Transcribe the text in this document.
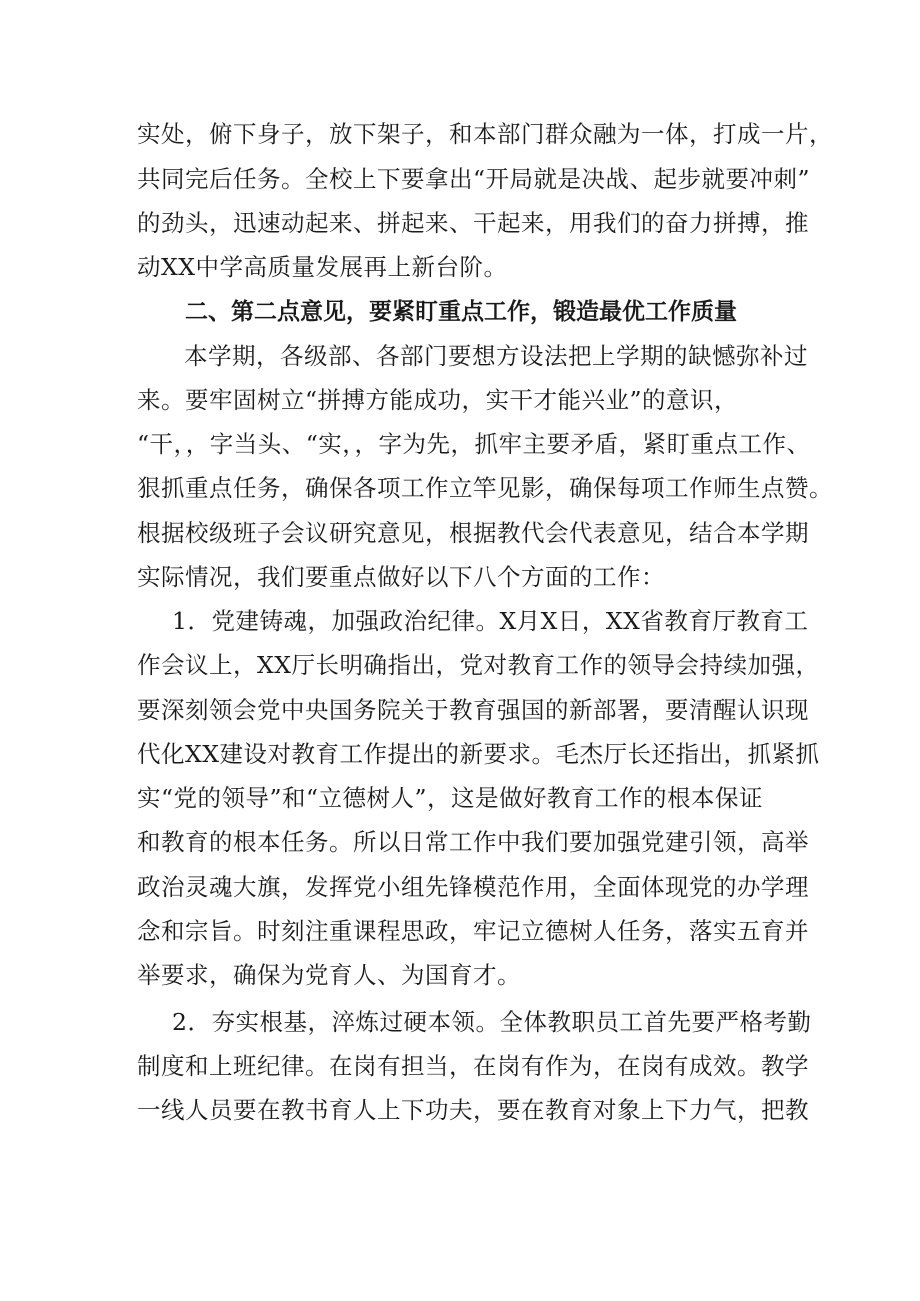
实处，俯下身子，放下架子，和本部门群众融为一体，打成一片，
共同完后任务。全校上下要拿出“开局就是决战、起步就要冲刺”
的劲头，迅速动起来、拼起来、干起来，用我们的奋力拼搏，推
动XX中学高质量发展再上新台阶。
二、第二点意见，要紧盯重点工作，锻造最优工作质量
本学期，各级部、各部门要想方设法把上学期的缺憾弥补过
来。要牢固树立“拼搏方能成功，实干才能兴业”的意识，
“干，，字当头、“实，，字为先，抓牢主要矛盾，紧盯重点工作、
狠抓重点任务，确保各项工作立竿见影，确保每项工作师生点赞。
根据校级班子会议研究意见，根据教代会代表意见，结合本学期
实际情况，我们要重点做好以下八个方面的工作：
1．党建铸魂，加强政治纪律。X月X日，XX省教育厅教育工
作会议上，XX厅长明确指出，党对教育工作的领导会持续加强，
要深刻领会党中央国务院关于教育强国的新部署，要清醒认识现
代化XX建设对教育工作提出的新要求。毛杰厅长还指出，抓紧抓
实“党的领导”和“立德树人”，这是做好教育工作的根本保证
和教育的根本任务。所以日常工作中我们要加强党建引领，高举
政治灵魂大旗，发挥党小组先锋模范作用，全面体现党的办学理
念和宗旨。时刻注重课程思政，牢记立德树人任务，落实五育并
举要求，确保为党育人、为国育才。
2．夯实根基，淬炼过硬本领。全体教职员工首先要严格考勤
制度和上班纪律。在岗有担当，在岗有作为，在岗有成效。教学
一线人员要在教书育人上下功夫，要在教育对象上下力气，把教
